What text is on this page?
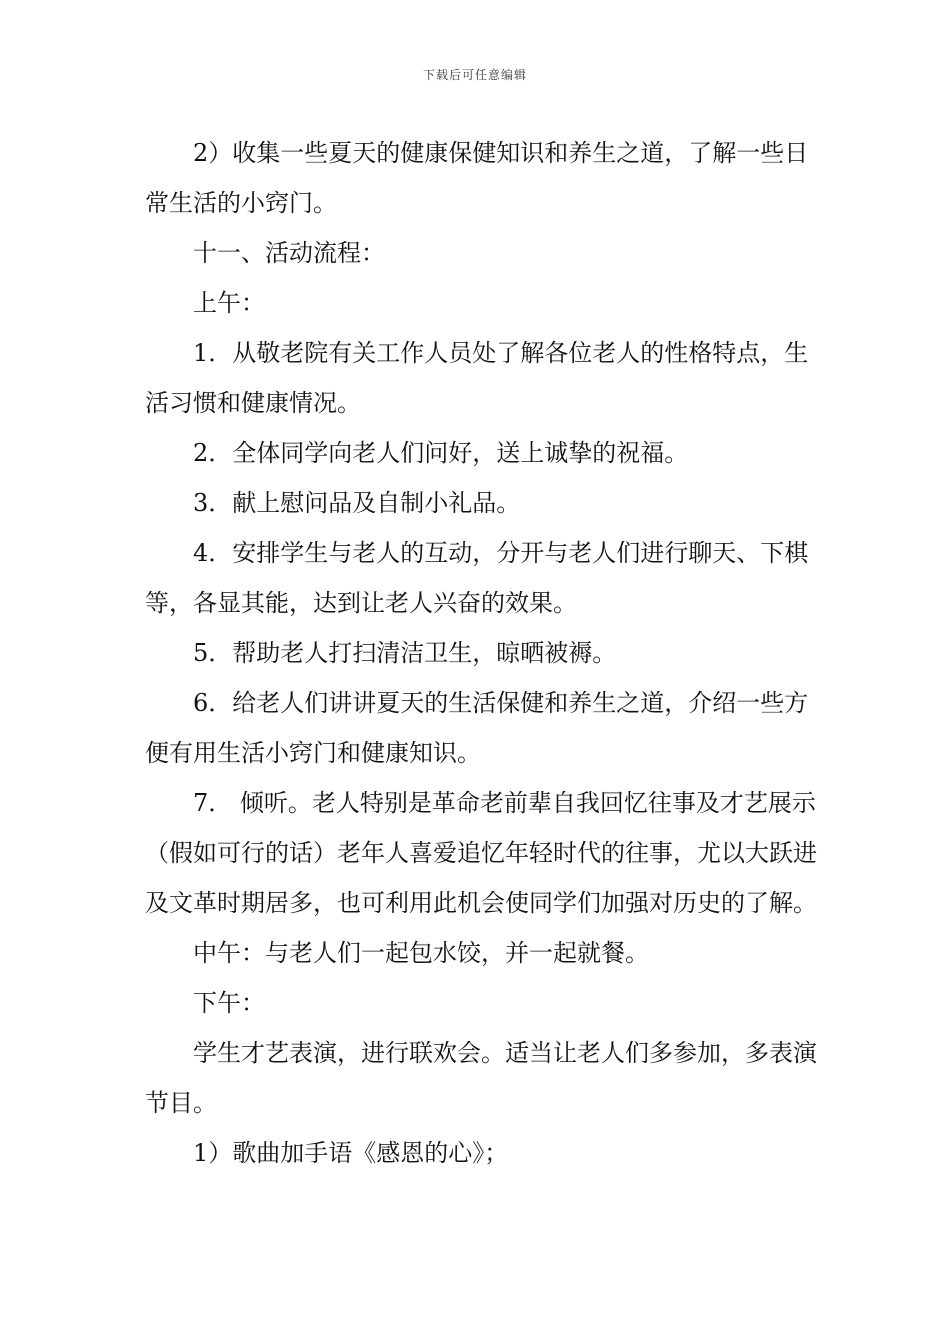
下载后可任意编辑

2）收集一些夏天的健康保健知识和养生之道，了解一些日常生活的小窍门。

十一、活动流程：

上午：

1．从敬老院有关工作人员处了解各位老人的性格特点，生活习惯和健康情况。

2．全体同学向老人们问好，送上诚挚的祝福。

3．献上慰问品及自制小礼品。

4．安排学生与老人的互动，分开与老人们进行聊天、下棋等，各显其能，达到让老人兴奋的效果。

5．帮助老人打扫清洁卫生，晾晒被褥。

6．给老人们讲讲夏天的生活保健和养生之道，介绍一些方便有用生活小窍门和健康知识。

7． 倾听。老人特别是革命老前辈自我回忆往事及才艺展示 （假如可行的话）老年人喜爱追忆年轻时代的往事，尤以大跃进及文革时期居多，也可利用此机会使同学们加强对历史的了解。

中午：与老人们一起包水饺，并一起就餐。

下午：

学生才艺表演，进行联欢会。适当让老人们多参加，多表演节目。

1）歌曲加手语《感恩的心》；
